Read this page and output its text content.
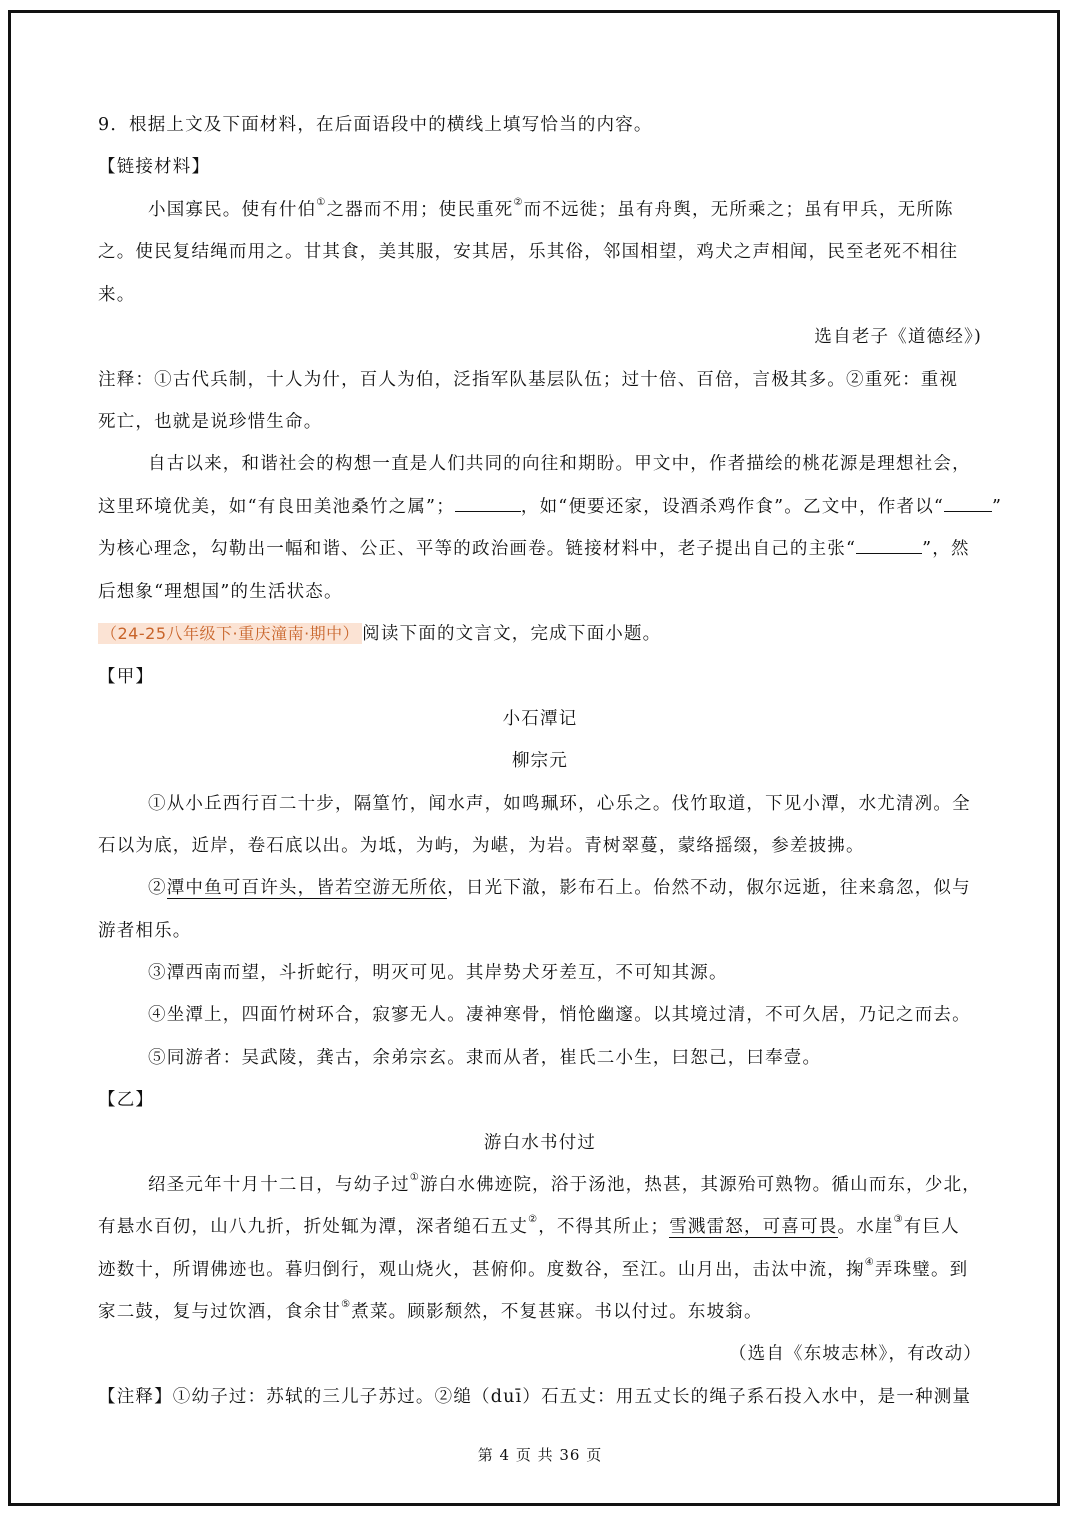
9．根据上文及下面材料，在后面语段中的横线上填写恰当的内容。
【链接材料】
小国寡民。使有什伯①之器而不用；使民重死②而不远徙；虽有舟舆，无所乘之；虽有甲兵，无所陈
之。使民复结绳而用之。甘其食，美其服，安其居，乐其俗，邻国相望，鸡犬之声相闻，民至老死不相往
来。
选自老子《道德经》)
注释：①古代兵制，十人为什，百人为伯，泛指军队基层队伍；过十倍、百倍，言极其多。②重死：重视
死亡，也就是说珍惜生命。
自古以来，和谐社会的构想一直是人们共同的向往和期盼。甲文中，作者描绘的桃花源是理想社会，
这里环境优美，如“有良田美池桑竹之属”；	，如“便要还家，设酒杀鸡作食”。乙文中，作者以“	”
为核心理念，勾勒出一幅和谐、公正、平等的政治画卷。链接材料中，老子提出自己的主张“	”，然
后想象“理想国”的生活状态。
（24-25八年级下·重庆潼南·期中） 阅读下面的文言文，完成下面小题。
【甲】
小石潭记
柳宗元
①从小丘西行百二十步，隔篁竹，闻水声，如鸣珮环，心乐之。伐竹取道，下见小潭，水尤清冽。全
石以为底，近岸，卷石底以出。为坻，为屿，为嵁，为岩。青树翠蔓，蒙络摇缀，参差披拂。
②潭中鱼可百许头，皆若空游无所依，日光下澈，影布石上。佁然不动，俶尔远逝，往来翕忽，似与
游者相乐。
③潭西南而望，斗折蛇行，明灭可见。其岸势犬牙差互，不可知其源。
④坐潭上，四面竹树环合，寂寥无人。凄神寒骨，悄怆幽邃。以其境过清，不可久居，乃记之而去。
⑤同游者：吴武陵，龚古，余弟宗玄。隶而从者，崔氏二小生，曰恕己，曰奉壹。
【乙】
游白水书付过
绍圣元年十月十二日，与幼子过①游白水佛迹院，浴于汤池，热甚，其源殆可熟物。循山而东，少北，
有悬水百仞，山八九折，折处辄为潭，深者缒石五丈②，不得其所止；雪溅雷怒，可喜可畏。水崖③有巨人
迹数十，所谓佛迹也。暮归倒行，观山烧火，甚俯仰。度数谷，至江。山月出，击汰中流，掬④弄珠璧。到
家二鼓，复与过饮酒，食余甘⑤煮菜。顾影颓然，不复甚寐。书以付过。东坡翁。
（选自《东坡志林》，有改动）
【注释】①幼子过：苏轼的三儿子苏过。②缒（duī）石五丈：用五丈长的绳子系石投入水中，是一种测量
第 4 页 共 36 页
